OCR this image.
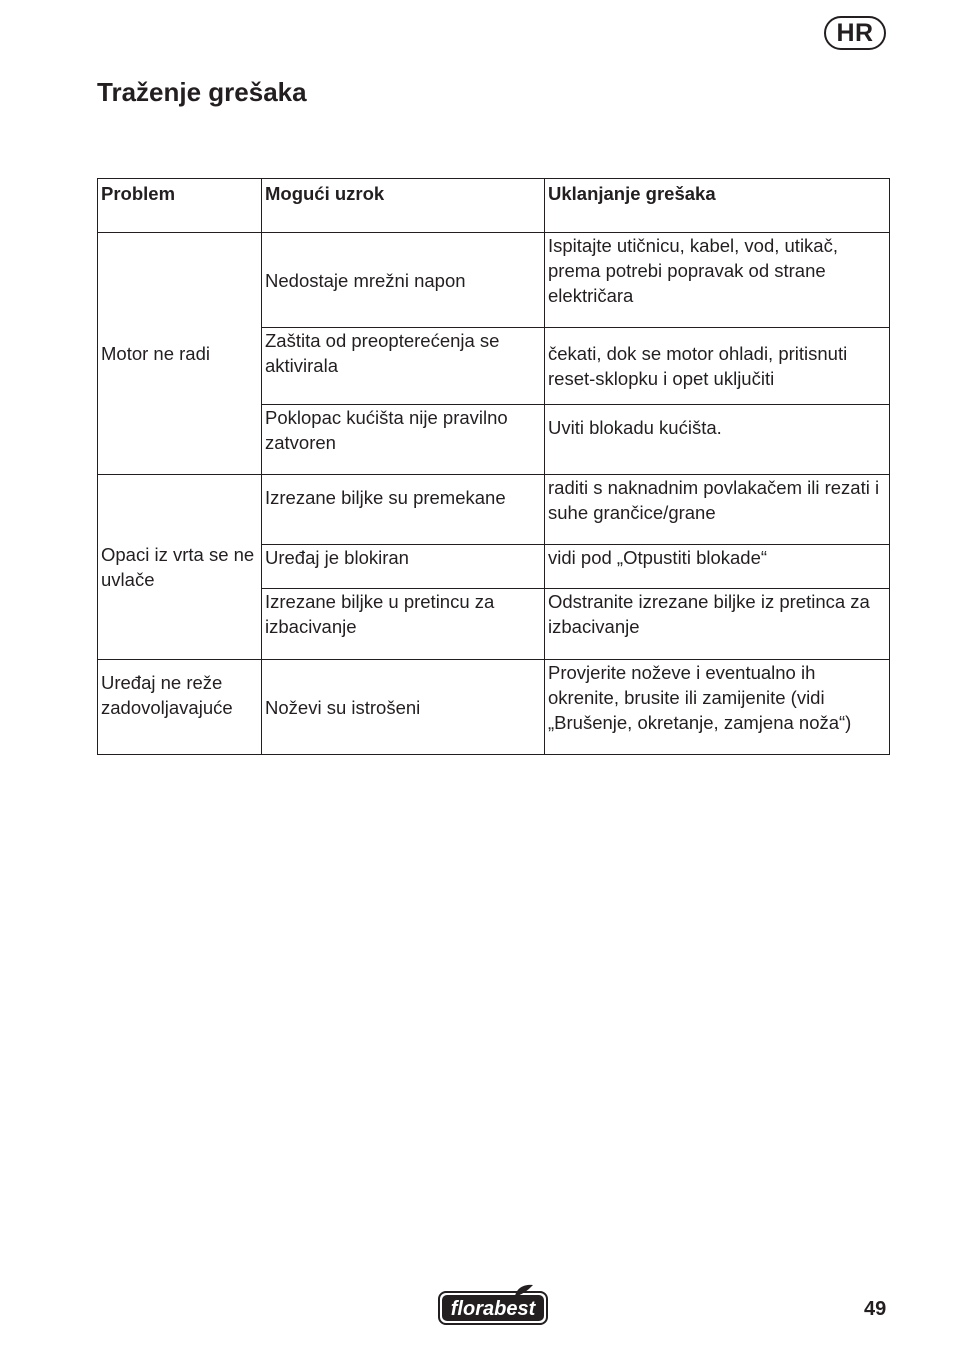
HR
Traženje grešaka
Problem	Mogući uzrok	Uklanjanje grešaka
Motor ne radi	Nedostaje mrežni napon	Ispitajte utičnicu, kabel, vod, utikač, prema potrebi popravak od strane električara
	Zaštita od preopterećenja se aktivirala	čekati, dok se motor ohladi, pritisnuti reset-sklopku i opet uključiti
	Poklopac kućišta nije pravilno zatvoren	Uviti blokadu kućišta.
Opaci iz vrta se ne uvlače	Izrezane biljke su premekane	raditi s naknadnim povlakačem ili rezati i suhe grančice/grane
	Uređaj je blokiran	vidi pod „Otpustiti blokade“
	Izrezane biljke u pretincu za izbacivanje	Odstranite izrezane biljke iz pretinca za izbacivanje
Uređaj ne reže zadovoljavajuće	Noževi su istrošeni	Provjerite noževe i eventualno ih okrenite, brusite ili zamijenite (vidi „Brušenje, okretanje, zamjena noža“)
florabest	49
